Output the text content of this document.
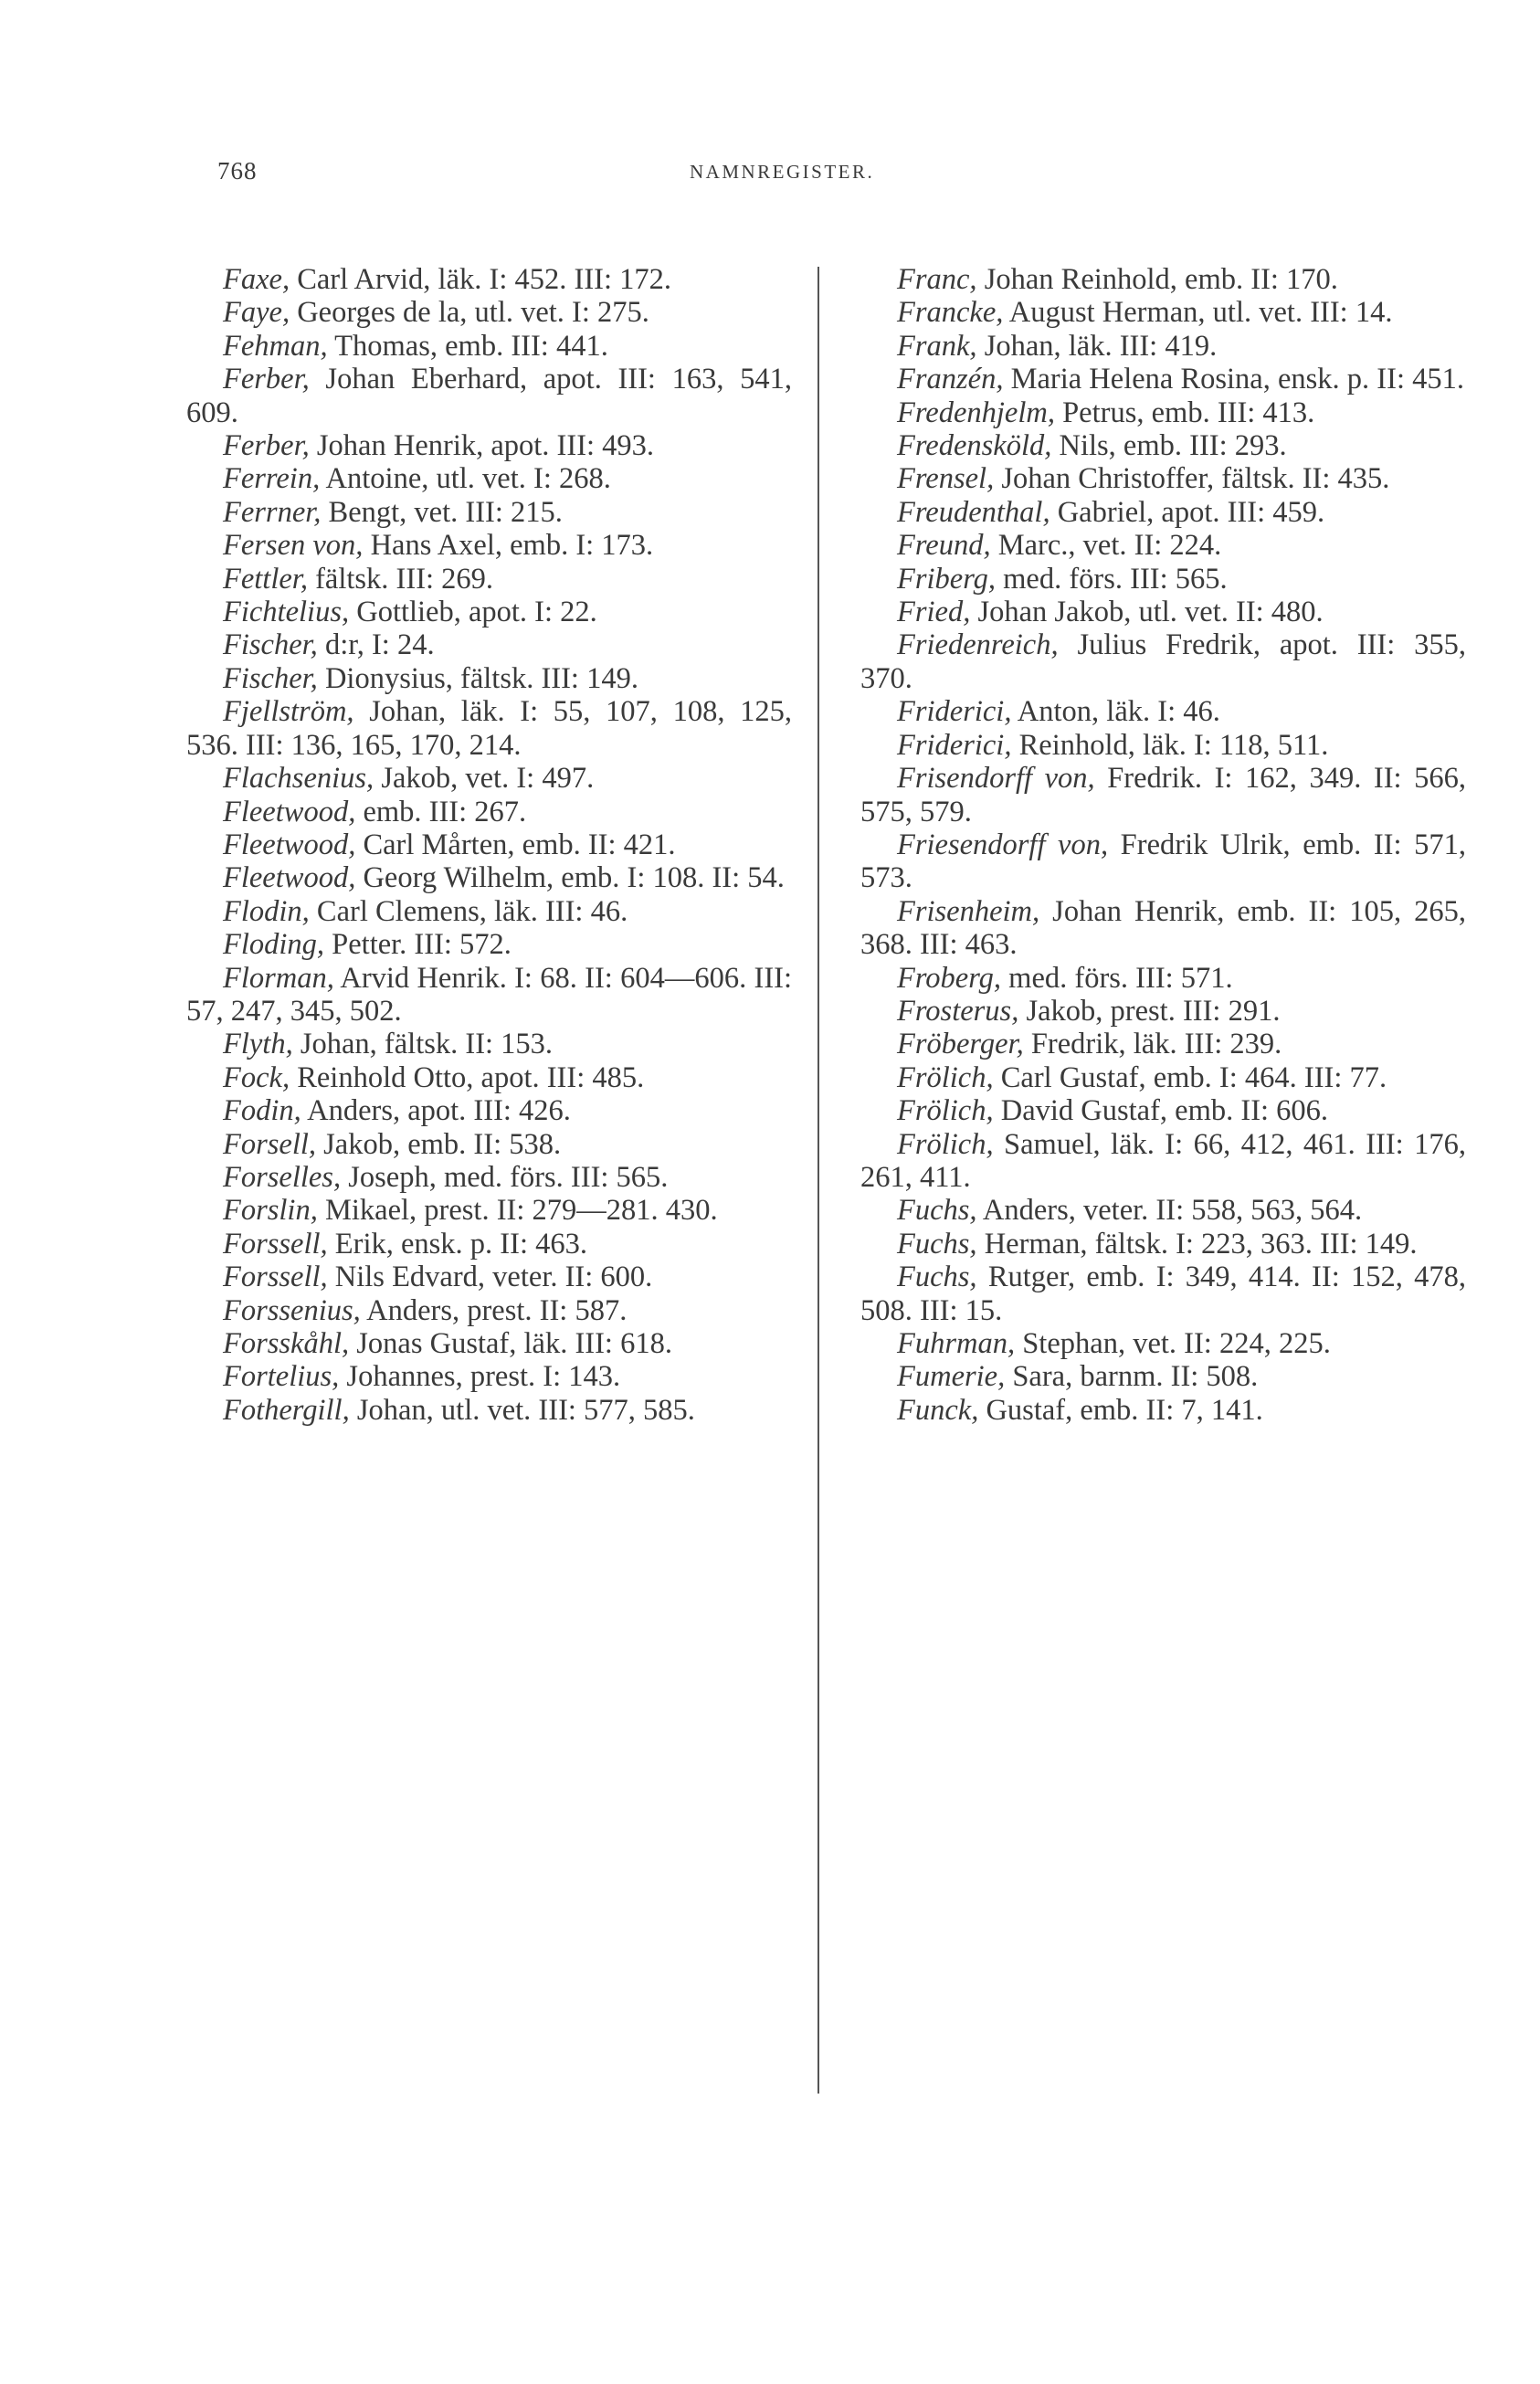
768	NAMNREGISTER.

Faxe, Carl Arvid, läk. I: 452. III: 172.

Faye, Georges de la, utl. vet. I: 275.

Fehman, Thomas, emb. III: 441.

Ferber, Johan Eberhard, apot. III: 163, 541, 609.

Ferber, Johan Henrik, apot. III: 493.

Ferrein, Antoine, utl. vet. I: 268.

Ferrner, Bengt, vet. III: 215.

Fersen von, Hans Axel, emb. I: 173.

Fettler, fältsk. III: 269.

Fichtelius, Gottlieb, apot. I: 22.

Fischer, d:r, I: 24.

Fischer, Dionysius, fältsk. III: 149.

Fjellström, Johan, läk. I: 55, 107, 108, 125, 536. III: 136, 165, 170, 214.

Flachsenius, Jakob, vet. I: 497.

Fleetwood, emb. III: 267.

Fleetwood, Carl Mårten, emb. II: 421.

Fleetwood, Georg Wilhelm, emb. I: 108. II: 54.

Flodin, Carl Clemens, läk. III: 46.

Floding, Petter. III: 572.

Florman, Arvid Henrik. I: 68. II: 604—606. III: 57, 247, 345, 502.

Flyth, Johan, fältsk. II: 153.

Fock, Reinhold Otto, apot. III: 485.

Fodin, Anders, apot. III: 426.

Forsell, Jakob, emb. II: 538.

Forselles, Joseph, med. förs. III: 565.

Forslin, Mikael, prest. II: 279—281. 430.

Forssell, Erik, ensk. p. II: 463.

Forssell, Nils Edvard, veter. II: 600.

Forssenius, Anders, prest. II: 587.

Forsskåhl, Jonas Gustaf, läk. III: 618.

Fortelius, Johannes, prest. I: 143.

Fothergill, Johan, utl. vet. III: 577, 585.

Franc, Johan Reinhold, emb. II: 170.

Francke, August Herman, utl. vet. III: 14.

Frank, Johan, läk. III: 419.

Franzén, Maria Helena Rosina, ensk. p. II: 451.

Fredenhjelm, Petrus, emb. III: 413.

Fredensköld, Nils, emb. III: 293.

Frensel, Johan Christoffer, fältsk. II: 435.

Freudenthal, Gabriel, apot. III: 459.

Freund, Marc., vet. II: 224.

Friberg, med. förs. III: 565.

Fried, Johan Jakob, utl. vet. II: 480.

Friedenreich, Julius Fredrik, apot. III: 355, 370.

Friderici, Anton, läk. I: 46.

Friderici, Reinhold, läk. I: 118, 511.

Frisendorff von, Fredrik. I: 162, 349. II: 566, 575, 579.

Friesendorff von, Fredrik Ulrik, emb. II: 571, 573.

Frisenheim, Johan Henrik, emb. II: 105, 265, 368. III: 463.

Froberg, med. förs. III: 571.

Frosterus, Jakob, prest. III: 291.

Fröberger, Fredrik, läk. III: 239.

Frölich, Carl Gustaf, emb. I: 464. III: 77.

Frölich, David Gustaf, emb. II: 606.

Frölich, Samuel, läk. I: 66, 412, 461. III: 176, 261, 411.

Fuchs, Anders, veter. II: 558, 563, 564.

Fuchs, Herman, fältsk. I: 223, 363. III: 149.

Fuchs, Rutger, emb. I: 349, 414. II: 152, 478, 508. III: 15.

Fuhrman, Stephan, vet. II: 224, 225.

Fumerie, Sara, barnm. II: 508.

Funck, Gustaf, emb. II: 7, 141.
